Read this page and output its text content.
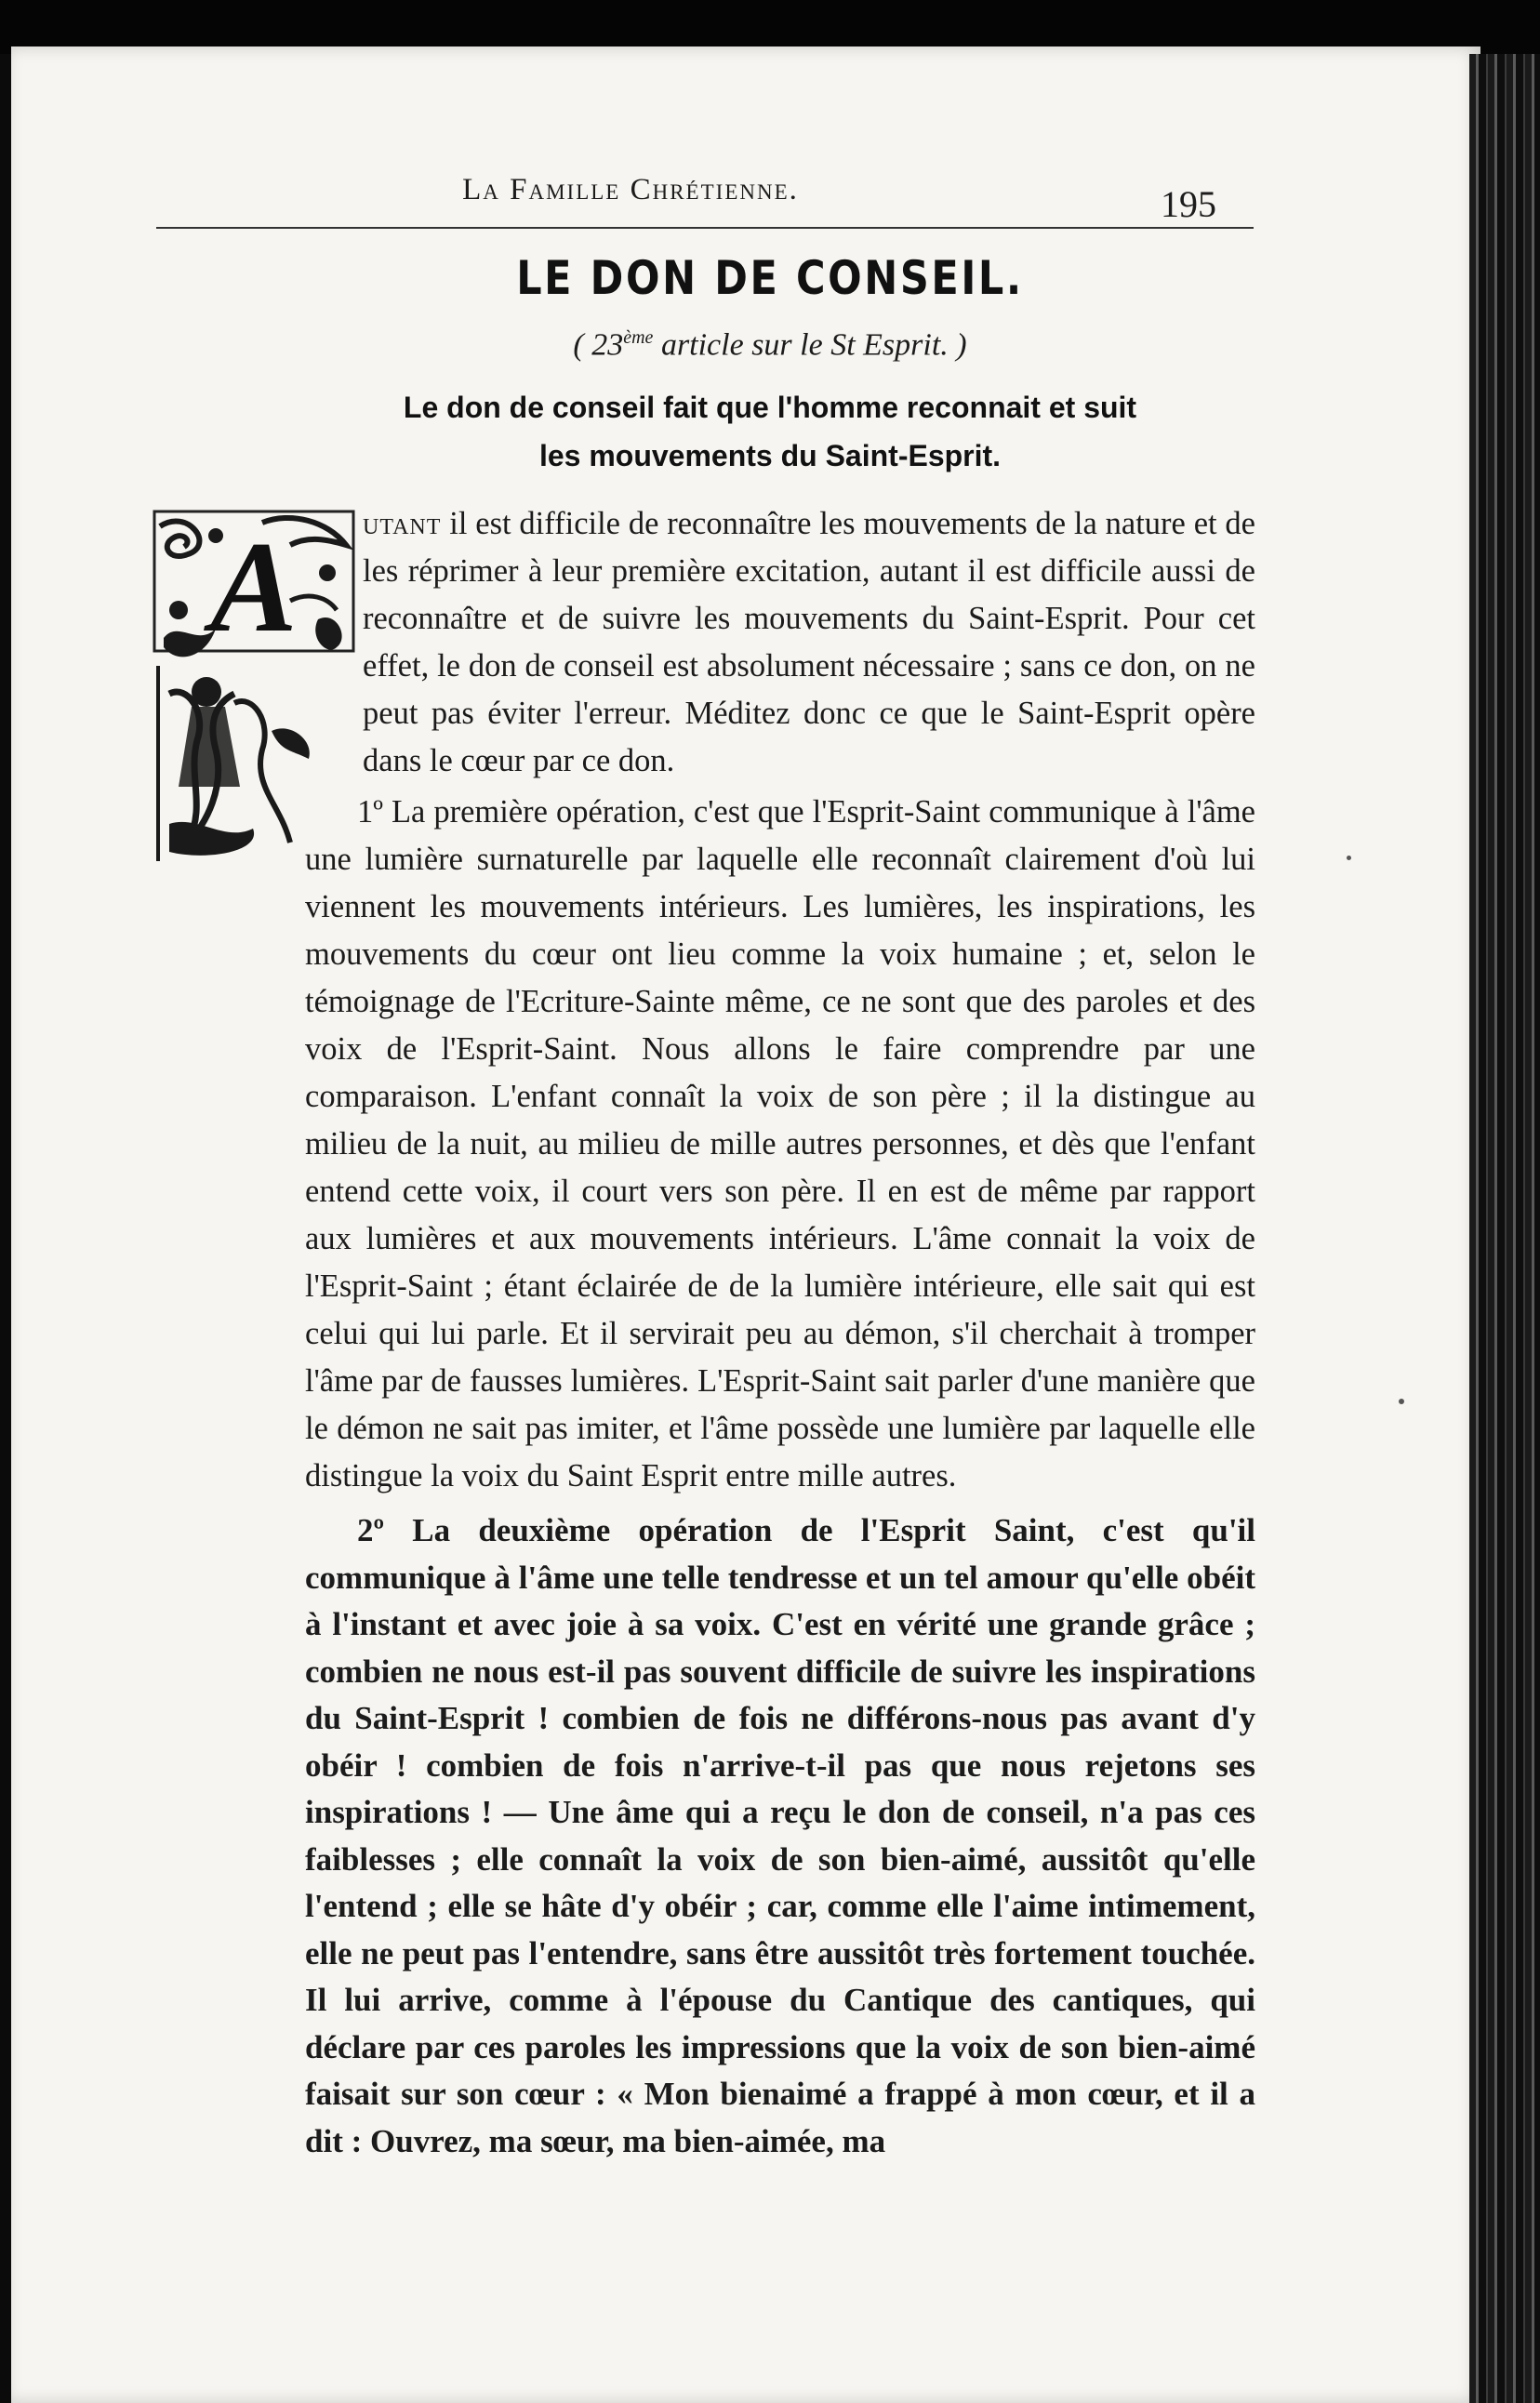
La Famille Chrétienne.	195
LE DON DE CONSEIL.
( 23ème article sur le St Esprit. )
Le don de conseil fait que l'homme reconnait et suit
les mouvements du Saint-Esprit.
A utant il est difficile de reconnaître les mouvements de la nature et de les réprimer à leur première excitation, autant il est difficile aussi de reconnaître et de suivre les mouvements du Saint-Esprit. Pour cet effet, le don de conseil est absolument nécessaire ; sans ce don, on ne peut pas éviter l'erreur. Méditez donc ce que le Saint-Esprit opère dans le cœur par ce don.

1º La première opération, c'est que l'Esprit-Saint communique à l'âme une lumière surnaturelle par laquelle elle reconnaît clairement d'où lui viennent les mouvements intérieurs. Les lumières, les inspirations, les mouvements du cœur ont lieu comme la voix humaine ; et, selon le témoignage de l'Ecriture-Sainte même, ce ne sont que des paroles et des voix de l'Esprit-Saint. Nous allons le faire comprendre par une comparaison. L'enfant connaît la voix de son père ; il la distingue au milieu de la nuit, au milieu de mille autres personnes, et dès que l'enfant entend cette voix, il court vers son père. Il en est de même par rapport aux lumières et aux mouvements intérieurs. L'âme connait la voix de l'Esprit-Saint ; étant éclairée de de la lumière intérieure, elle sait qui est celui qui lui parle. Et il servirait peu au démon, s'il cherchait à tromper l'âme par de fausses lumières. L'Esprit-Saint sait parler d'une manière que le démon ne sait pas imiter, et l'âme possède une lumière par laquelle elle distingue la voix du Saint Esprit entre mille autres.

2º La deuxième opération de l'Esprit Saint, c'est qu'il communique à l'âme une telle tendresse et un tel amour qu'elle obéit à l'instant et avec joie à sa voix. C'est en vérité une grande grâce ; combien ne nous est-il pas souvent difficile de suivre les inspirations du Saint-Esprit ! combien de fois ne différons-nous pas avant d'y obéir ! combien de fois n'arrive-t-il pas que nous rejetons ses inspirations ! — Une âme qui a reçu le don de conseil, n'a pas ces faiblesses ; elle connaît la voix de son bien-aimé, aussitôt qu'elle l'entend ; elle se hâte d'y obéir ; car, comme elle l'aime intimement, elle ne peut pas l'entendre, sans être aussitôt très fortement touchée. Il lui arrive, comme à l'épouse du Cantique des cantiques, qui déclare par ces paroles les impressions que la voix de son bien-aimé faisait sur son cœur : « Mon bienaimé a frappé à mon cœur, et il a dit : Ouvrez, ma sœur, ma bien-aimée, ma
